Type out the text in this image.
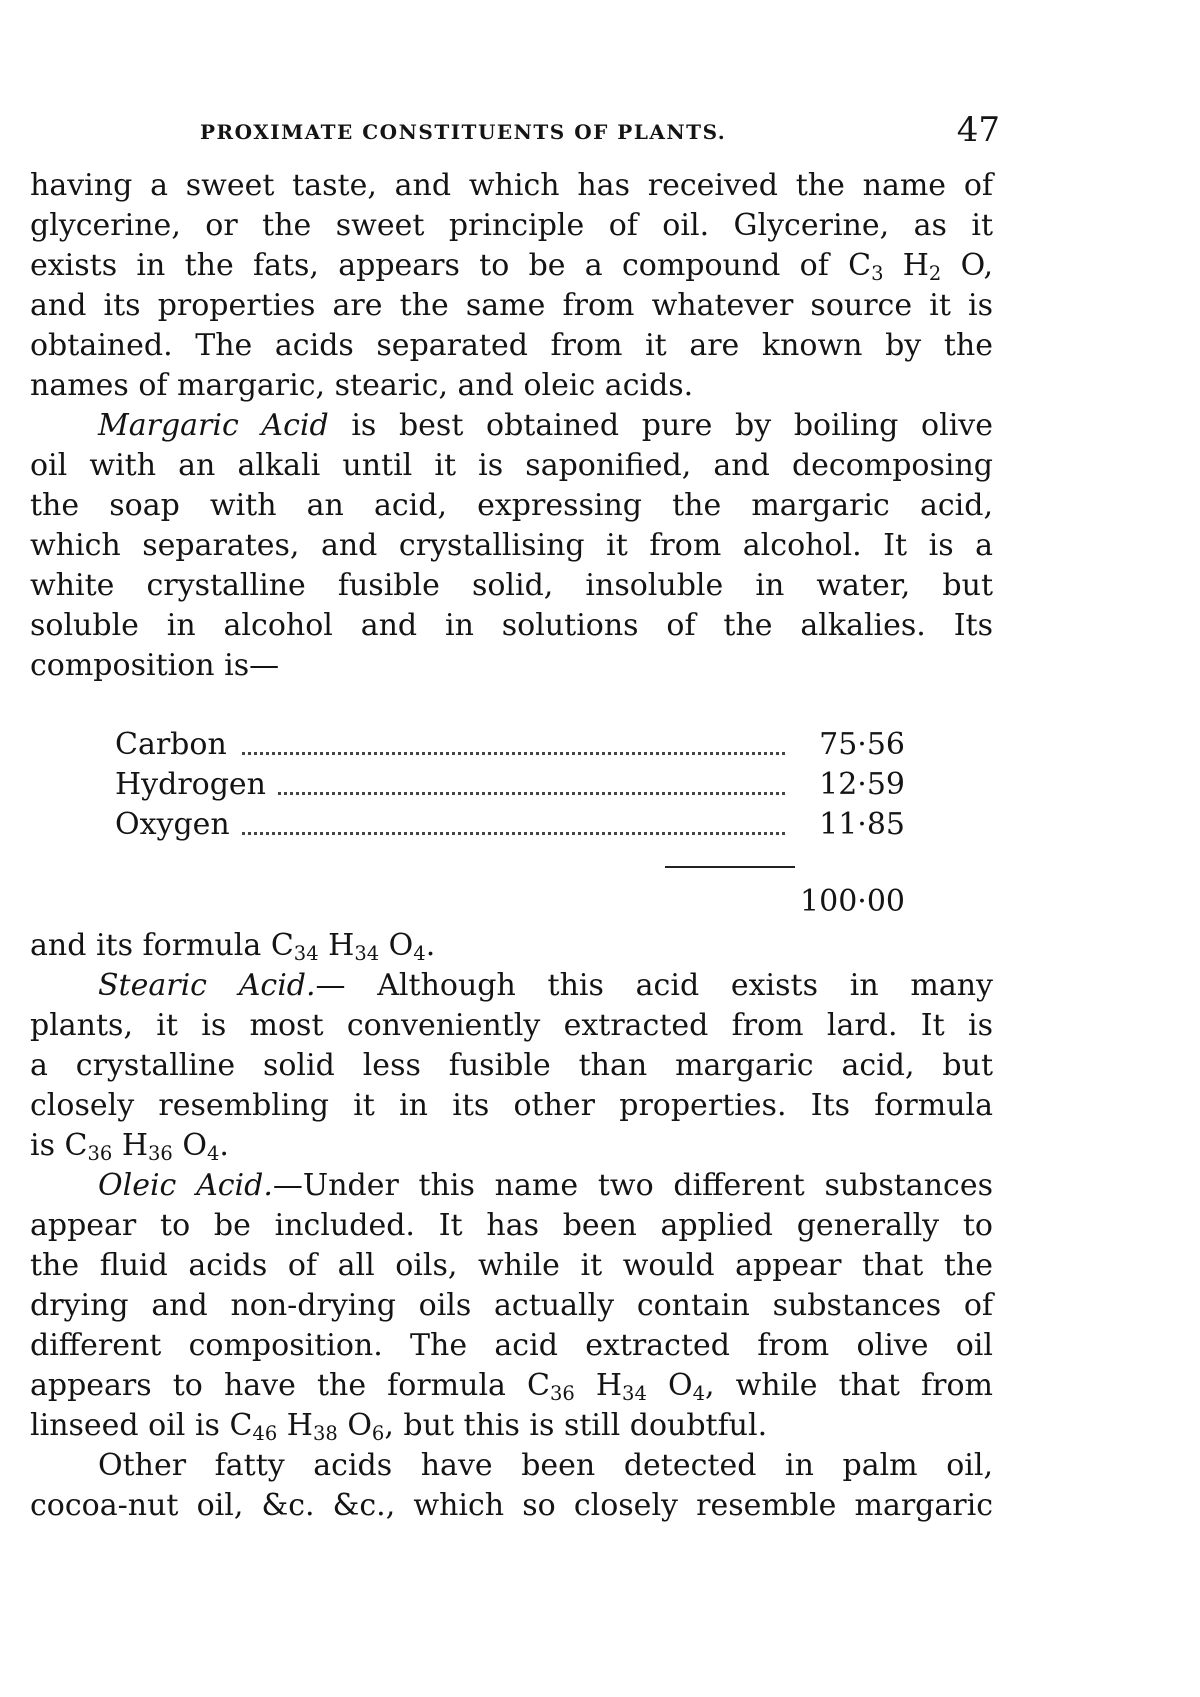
PROXIMATE CONSTITUENTS OF PLANTS.	47
having a sweet taste, and which has received the name of
glycerine, or the sweet principle of oil. Glycerine, as it
exists in the fats, appears to be a compound of $C_3$ $H_2$ O,
and its properties are the same from whatever source it is
obtained. The acids separated from it are known by the
names of margaric, stearic, and oleic acids.
Margaric Acid is best obtained pure by boiling olive
oil with an alkali until it is saponified, and decomposing
the soap with an acid, expressing the margaric acid,
which separates, and crystallising it from alcohol. It is a
white crystalline fusible solid, insoluble in water, but
soluble in alcohol and in solutions of the alkalies. Its
composition is—
Carbon	75·56
Hydrogen	12·59
Oxygen	11·85
100·00
and its formula $C_{34}$ $H_{34}$ $O_4$.
Stearic Acid.— Although this acid exists in many
plants, it is most conveniently extracted from lard. It is
a crystalline solid less fusible than margaric acid, but
closely resembling it in its other properties. Its formula
is $C_{36}$ $H_{36}$ $O_4$.
Oleic Acid.—Under this name two different substances
appear to be included. It has been applied generally to
the fluid acids of all oils, while it would appear that the
drying and non-drying oils actually contain substances of
different composition. The acid extracted from olive oil
appears to have the formula $C_{36}$ $H_{34}$ $O_4$, while that from
linseed oil is $C_{46}$ $H_{38}$ $O_6$, but this is still doubtful.
Other fatty acids have been detected in palm oil,
cocoa-nut oil, &c. &c., which so closely resemble margaric
